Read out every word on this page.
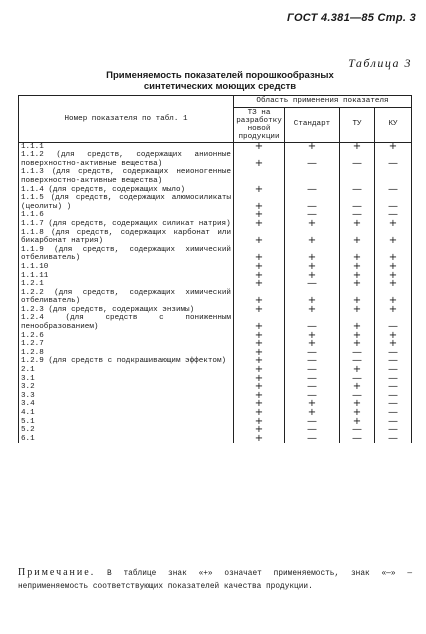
ГОСТ 4.381—85 Стр. 3
Таблица 3
Применяемость показателей порошкообразных
синтетических моющих средств
Номер показателя по табл. 1	Область применения показателя			
	ТЗ на разработку новой продукции	Стандарт	ТУ	КУ
1.1.1	+	+	+	+
1.1.2 (для средств, содержащих анионные поверхностно-активные вещества)	+	—	—	—
1.1.3 (для средств, содержащих неионогенные поверхностно-активные вещества)				
1.1.4 (для средств, содержащих мыло)	+	—	—	—
1.1.5 (для средств, содержащих алюмосиликаты (цеолиты) )	+	—	—	—
1.1.6	+	—	—	—
1.1.7 (для средств, содержащих силикат натрия)	+	+	+	+
1.1.8 (для средств, содержащих карбонат или бикарбонат натрия)	+	+	+	+
1.1.9 (для средств, содержащих химический отбеливатель)	+	+	+	+
1.1.10	+	+	+	+
1.1.11	+	+	+	+
1.2.1	+	—	+	+
1.2.2 (для средств, содержащих химический отбеливатель)	+	+	+	+
1.2.3 (для средств, содержащих энзимы)	+	+	+	+
1.2.4 (для средств с пониженным пенообразованием)	+	—	+	—
1.2.6	+	+	+	+
1.2.7	+	+	+	+
1.2.8	+	—	—	—
1.2.9 (для средств с подкрашивающим эффектом)	+	—	—	—
2.1	+	—	+	—
3.1	+	—	—	—
3.2	+	—	+	—
3.3	+	—	—	—
3.4	+	+	+	—
4.1	+	+	+	—
5.1	+	—	+	—
5.2	+	—	—	—
6.1	+	—	—	—
Примечание. В таблице знак «+» означает применяемость, знак «—» — неприменяемость соответствующих показателей качества продукции.
